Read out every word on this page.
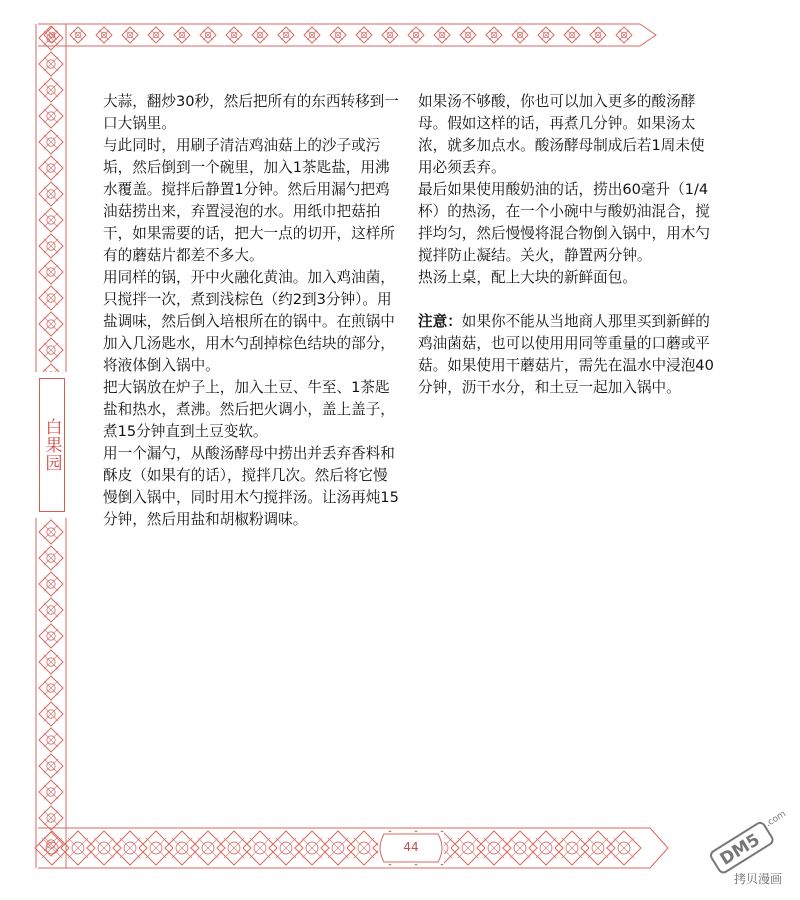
大蒜，翻炒30秒，然后把所有的东西转移到一口大锅里。

与此同时，用刷子清洁鸡油菇上的沙子或污垢，然后倒到一个碗里，加入1茶匙盐，用沸水覆盖。搅拌后静置1分钟。然后用漏勺把鸡油菇捞出来，弃置浸泡的水。用纸巾把菇拍干，如果需要的话，把大一点的切开，这样所有的蘑菇片都差不多大。

用同样的锅，开中火融化黄油。加入鸡油菌，只搅拌一次，煮到浅棕色（约2到3分钟）。用盐调味，然后倒入培根所在的锅中。在煎锅中加入几汤匙水，用木勺刮掉棕色结块的部分，将液体倒入锅中。

把大锅放在炉子上，加入土豆、牛至、1茶匙盐和热水，煮沸。然后把火调小，盖上盖子，煮15分钟直到土豆变软。

用一个漏勺，从酸汤酵母中捞出并丢弃香料和酥皮（如果有的话），搅拌几次。然后将它慢慢倒入锅中，同时用木勺搅拌汤。让汤再炖15分钟，然后用盐和胡椒粉调味。

如果汤不够酸，你也可以加入更多的酸汤酵母。假如这样的话，再煮几分钟。如果汤太浓，就多加点水。酸汤酵母制成后若1周未使用必须丢弃。

最后如果使用酸奶油的话，捞出60毫升（1/4杯）的热汤，在一个小碗中与酸奶油混合，搅拌均匀，然后慢慢将混合物倒入锅中，用木勺搅拌防止凝结。关火，静置两分钟。

热汤上桌，配上大块的新鲜面包。

注意：如果你不能从当地商人那里买到新鲜的鸡油菌菇，也可以使用用同等重量的口蘑或平菇。如果使用干蘑菇片，需先在温水中浸泡40分钟，沥干水分，和土豆一起加入锅中。

白果园
44	DM5
.com
拷贝漫画
